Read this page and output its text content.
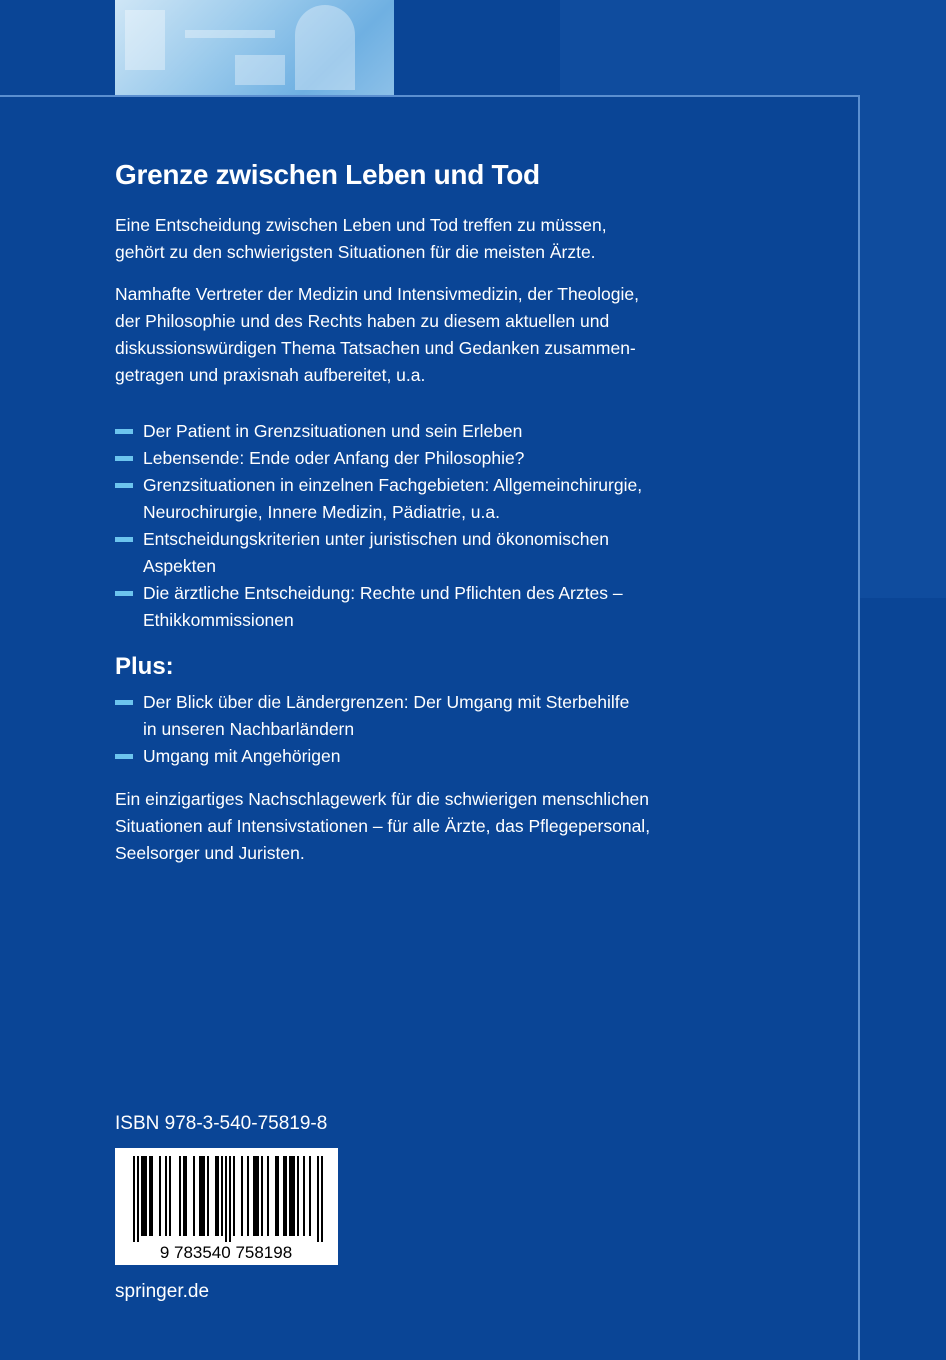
Grenze zwischen Leben und Tod

Eine Entscheidung zwischen Leben und Tod treffen zu müssen,

gehört zu den schwierigsten Situationen für die meisten Ärzte.

Namhafte Vertreter der Medizin und Intensivmedizin, der Theologie,

der Philosophie und des Rechts haben zu diesem aktuellen und

diskussionswürdigen Thema Tatsachen und Gedanken zusammen-

getragen und praxisnah aufbereitet, u.a.

Der Patient in Grenzsituationen und sein Erleben
Lebensende: Ende oder Anfang der Philosophie?
Grenzsituationen in einzelnen Fachgebieten: Allgemeinchirurgie,
Neurochirurgie, Innere Medizin, Pädiatrie, u.a.
Entscheidungskriterien unter juristischen und ökonomischen
Aspekten
Die ärztliche Entscheidung: Rechte und Pflichten des Arztes –
Ethikkommissionen
Plus:
Der Blick über die Ländergrenzen: Der Umgang mit Sterbehilfe
in unseren Nachbarländern
Umgang mit Angehörigen

Ein einzigartiges Nachschlagewerk für die schwierigen menschlichen

Situationen auf Intensivstationen – für alle Ärzte, das Pflegepersonal,

Seelsorger und Juristen.

ISBN 978-3-540-75819-8
9 783540 758198
springer.de
